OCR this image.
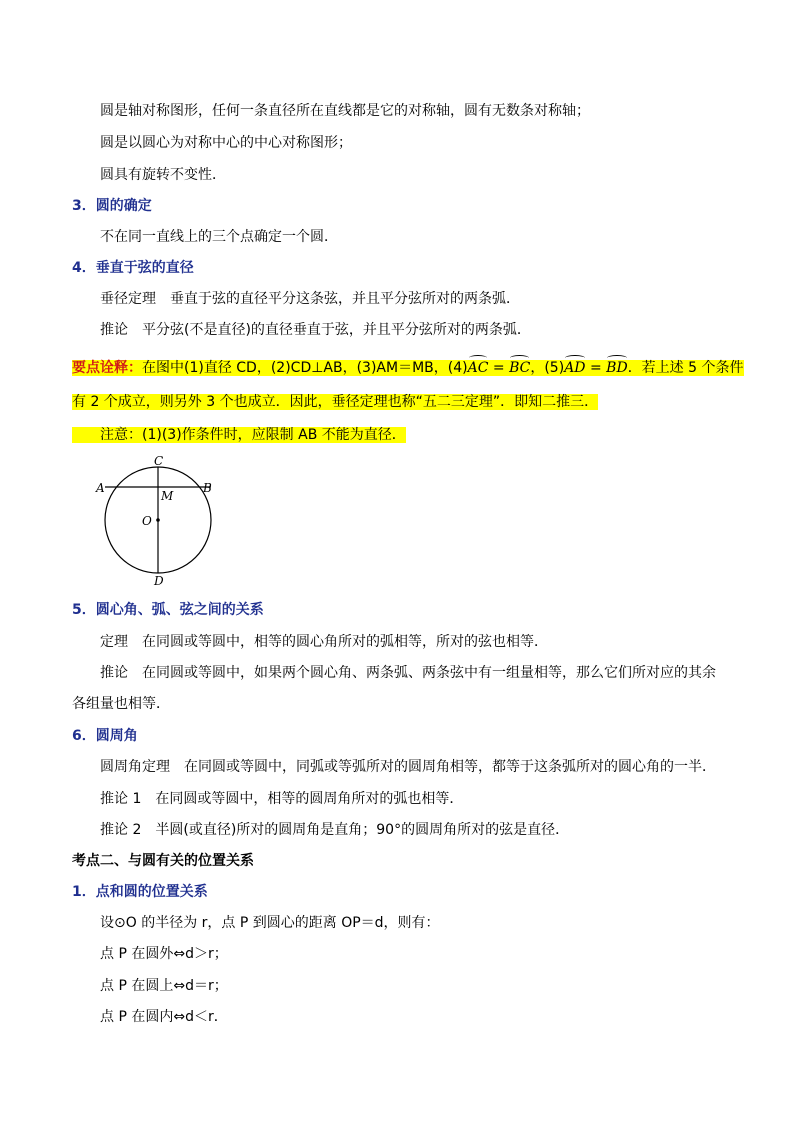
圆是轴对称图形，任何一条直径所在直线都是它的对称轴，圆有无数条对称轴；
圆是以圆心为对称中心的中心对称图形；
圆具有旋转不变性．
3．圆的确定
不在同一直线上的三个点确定一个圆．
4．垂直于弦的直径
垂径定理　垂直于弦的直径平分这条弦，并且平分弦所对的两条弧．
推论　平分弦(不是直径)的直径垂直于弦，并且平分弦所对的两条弧．
要点诠释：在图中(1)直径 CD，(2)CD⊥AB，(3)AM＝MB，(4)AC = BC，(5)AD = BD．若上述 5 个条件
有 2 个成立，则另外 3 个也成立．因此，垂径定理也称“五二三定理”．即知二推三．
注意：(1)(3)作条件时，应限制 AB 不能为直径．
C
A	B
M
O
D
5．圆心角、弧、弦之间的关系
定理　在同圆或等圆中，相等的圆心角所对的弧相等，所对的弦也相等．
推论　在同圆或等圆中，如果两个圆心角、两条弧、两条弦中有一组量相等，那么它们所对应的其余
各组量也相等．
6．圆周角
圆周角定理　在同圆或等圆中，同弧或等弧所对的圆周角相等，都等于这条弧所对的圆心角的一半．
推论 1　在同圆或等圆中，相等的圆周角所对的弧也相等．
推论 2　半圆(或直径)所对的圆周角是直角；90°的圆周角所对的弦是直径．
考点二、与圆有关的位置关系
1．点和圆的位置关系
设⊙O 的半径为 r，点 P 到圆心的距离 OP＝d，则有：
点 P 在圆外⇔d＞r；
点 P 在圆上⇔d＝r；
点 P 在圆内⇔d＜r．
